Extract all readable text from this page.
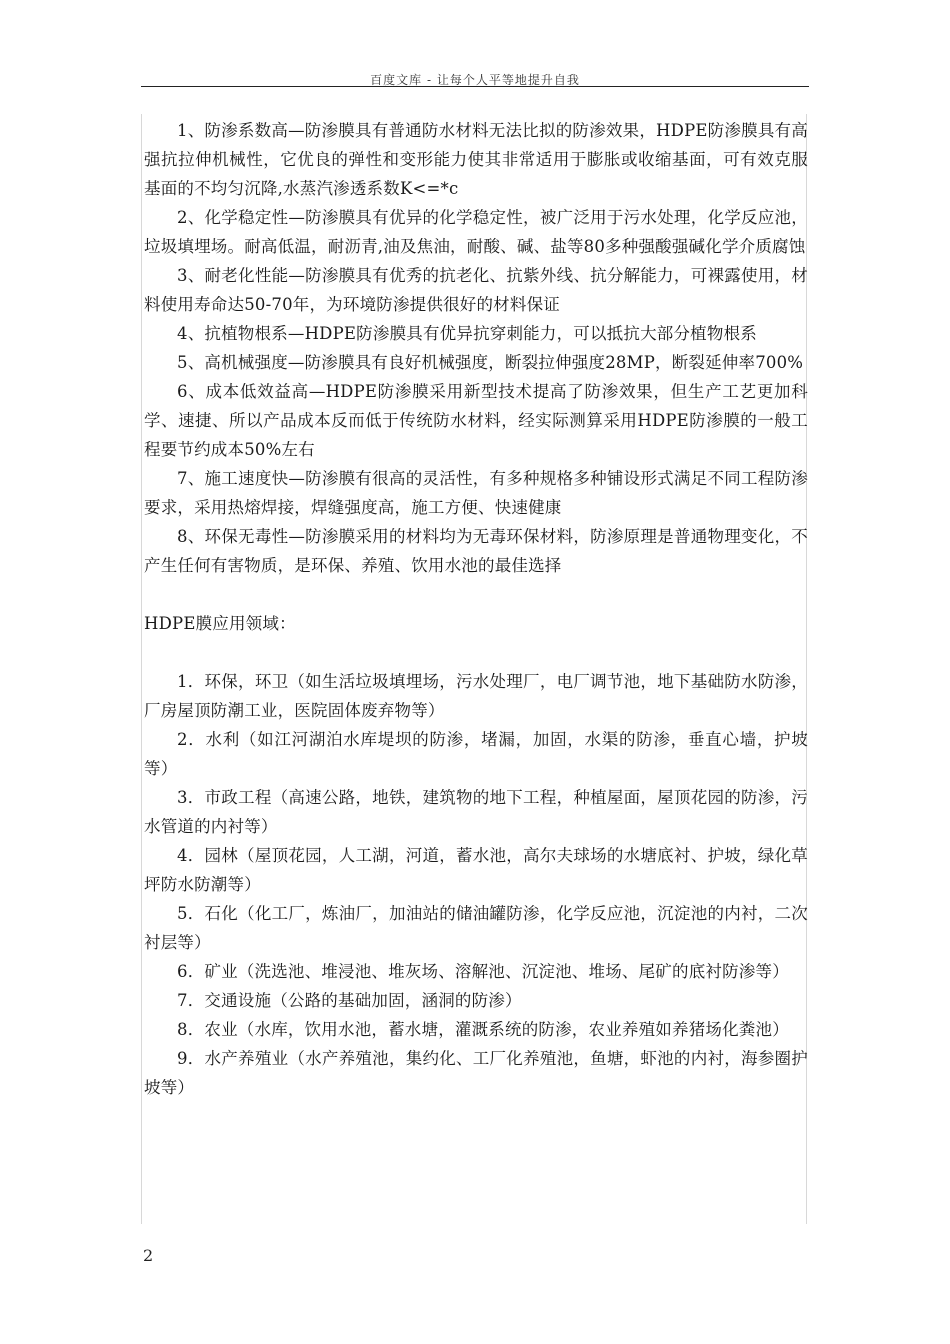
百度文库 - 让每个人平等地提升自我

1、防渗系数高—防渗膜具有普通防水材料无法比拟的防渗效果，HDPE防渗膜具有高强抗拉伸机械性，它优良的弹性和变形能力使其非常适用于膨胀或收缩基面，可有效克服基面的不均匀沉降,水蒸汽渗透系数K<=*c

2、化学稳定性—防渗膜具有优异的化学稳定性，被广泛用于污水处理，化学反应池，垃圾填埋场。耐高低温，耐沥青,油及焦油，耐酸、碱、盐等80多种强酸强碱化学介质腐蚀

3、耐老化性能—防渗膜具有优秀的抗老化、抗紫外线、抗分解能力，可裸露使用，材料使用寿命达50-70年，为环境防渗提供很好的材料保证

4、抗植物根系—HDPE防渗膜具有优异抗穿刺能力，可以抵抗大部分植物根系

5、高机械强度—防渗膜具有良好机械强度，断裂拉伸强度28MP，断裂延伸率700%

6、成本低效益高—HDPE防渗膜采用新型技术提高了防渗效果，但生产工艺更加科学、速捷、所以产品成本反而低于传统防水材料，经实际测算采用HDPE防渗膜的一般工程要节约成本50%左右

7、施工速度快—防渗膜有很高的灵活性，有多种规格多种铺设形式满足不同工程防渗要求，采用热熔焊接，焊缝强度高，施工方便、快速健康

8、环保无毒性—防渗膜采用的材料均为无毒环保材料，防渗原理是普通物理变化，不产生任何有害物质，是环保、养殖、饮用水池的最佳选择

HDPE膜应用领域：

1．环保，环卫（如生活垃圾填埋场，污水处理厂，电厂调节池，地下基础防水防渗，厂房屋顶防潮工业，医院固体废弃物等）

2．水利（如江河湖泊水库堤坝的防渗，堵漏，加固，水渠的防渗，垂直心墙，护坡等）

3．市政工程（高速公路，地铁，建筑物的地下工程，种植屋面，屋顶花园的防渗，污水管道的内衬等）

4．园林（屋顶花园，人工湖，河道，蓄水池，高尔夫球场的水塘底衬、护坡，绿化草坪防水防潮等）

5．石化（化工厂，炼油厂，加油站的储油罐防渗，化学反应池，沉淀池的内衬，二次衬层等）

6．矿业（洗选池、堆浸池、堆灰场、溶解池、沉淀池、堆场、尾矿的底衬防渗等）

7．交通设施（公路的基础加固，涵洞的防渗）

8．农业（水库，饮用水池，蓄水塘，灌溉系统的防渗，农业养殖如养猪场化粪池）

9．水产养殖业（水产养殖池，集约化、工厂化养殖池，鱼塘，虾池的内衬，海参圈护坡等）

2
